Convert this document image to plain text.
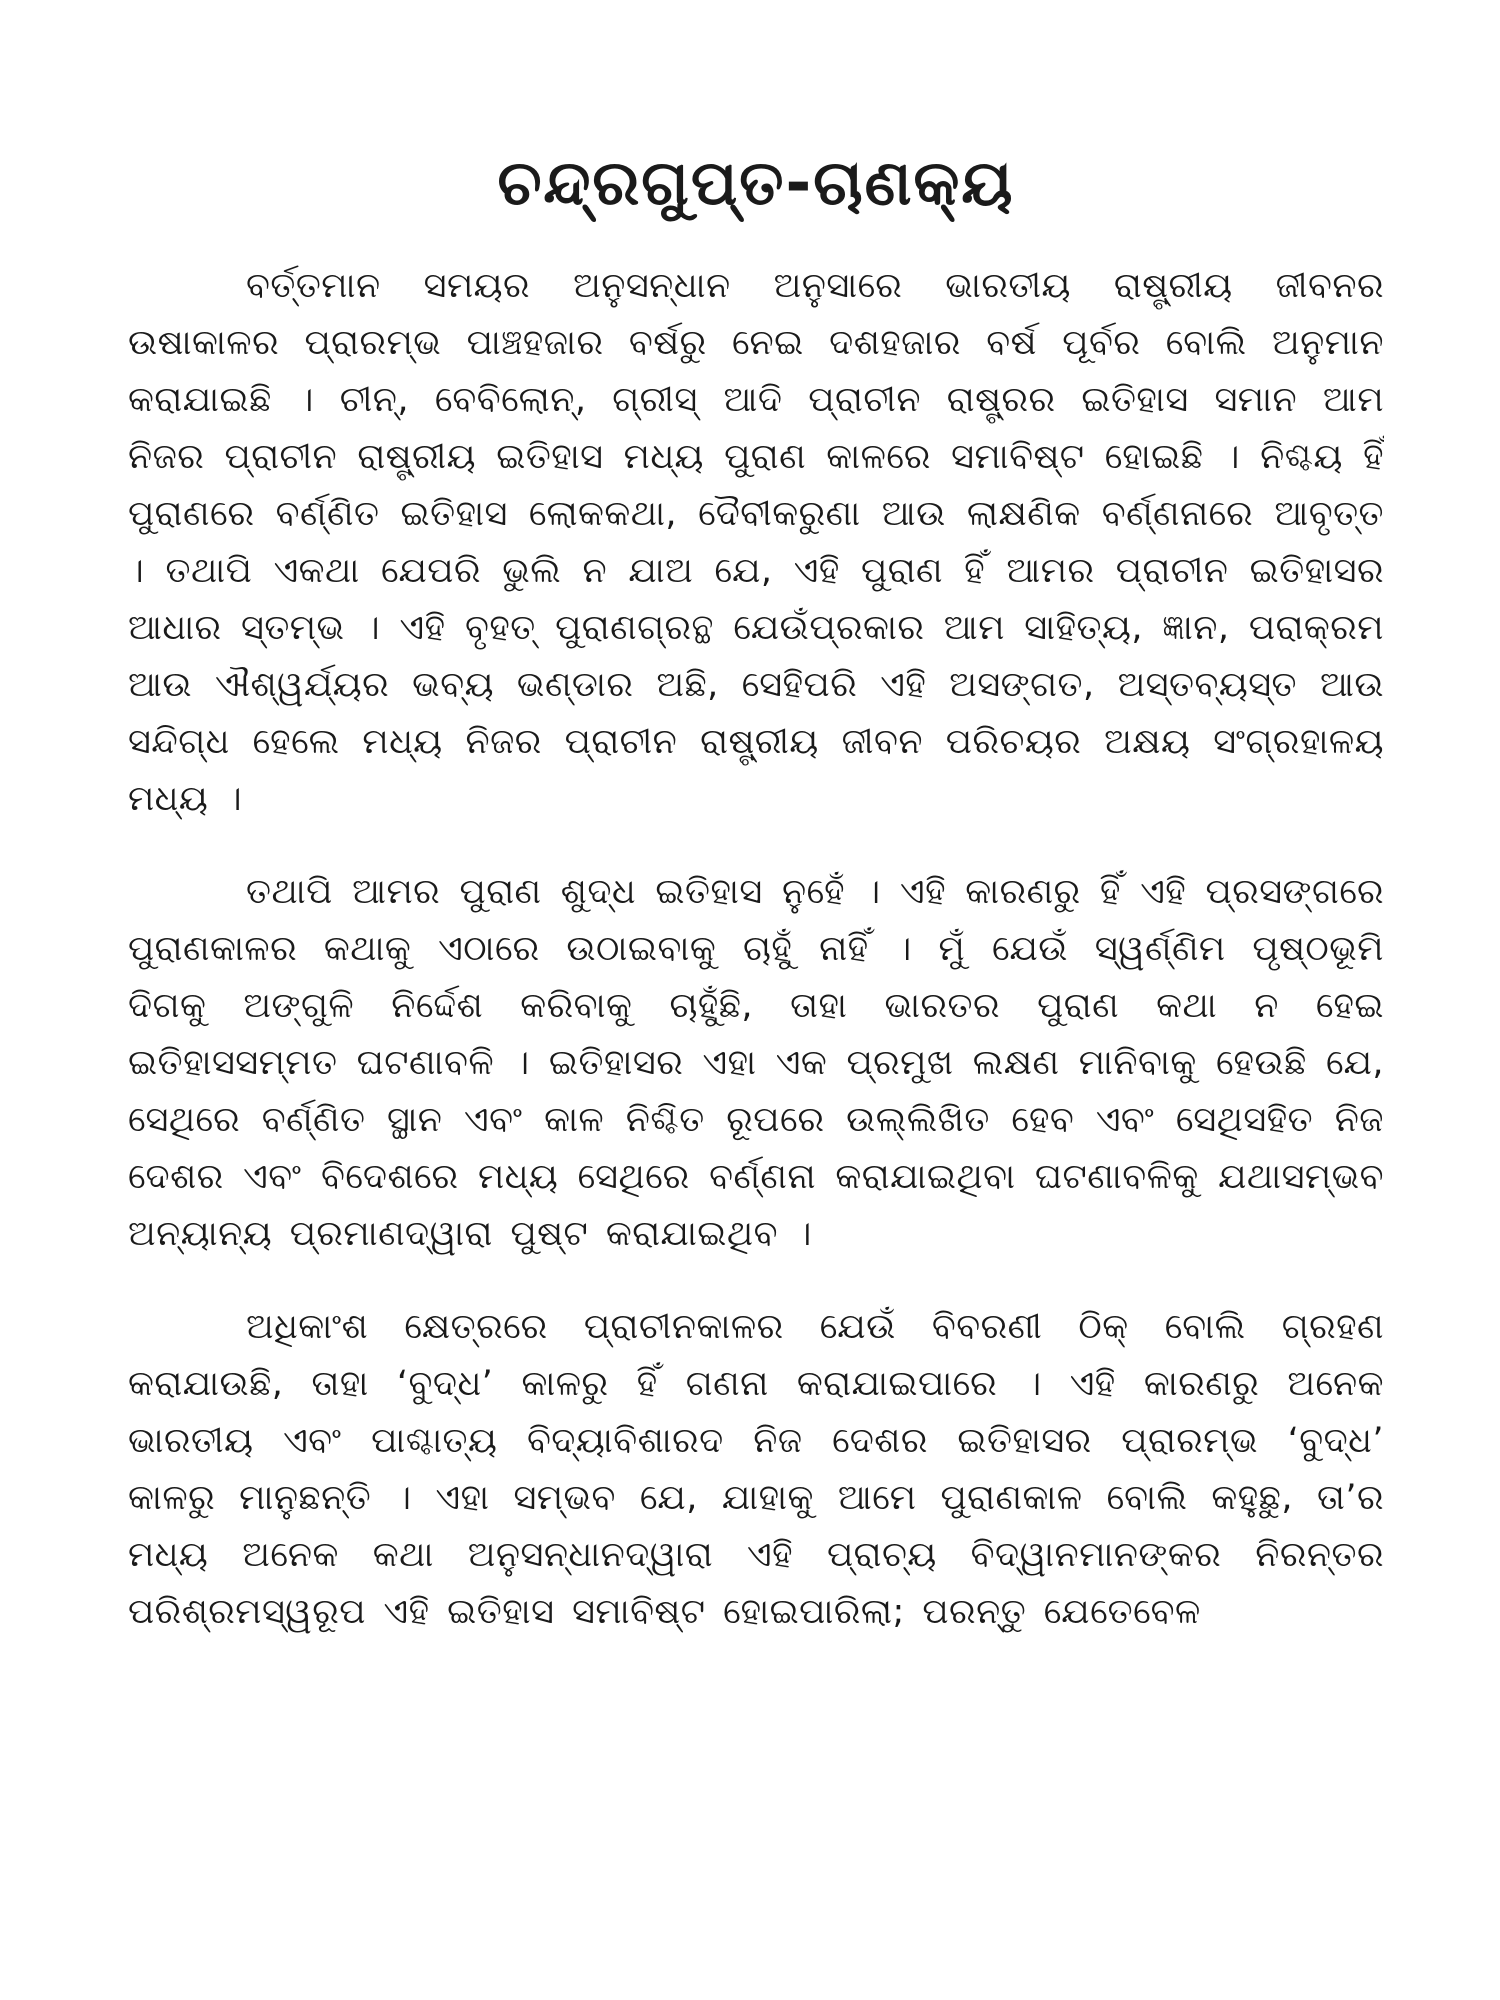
ଚନ୍ଦ୍ରଗୁପ୍ତ-ଚାଣକ୍ୟ

ବର୍ତ୍ତମାନ ସମୟର ଅନୁସନ୍ଧାନ ଅନୁସାରେ ଭାରତୀୟ ରାଷ୍ଟ୍ରୀୟ ଜୀବନର ଉଷାକାଳର ପ୍ରାରମ୍ଭ ପାଞ୍ଚହଜାର ବର୍ଷରୁ ନେଇ ଦଶହଜାର ବର୍ଷ ପୂର୍ବର ବୋଲି ଅନୁମାନ କରାଯାଇଛି । ଚୀନ୍, ବେବିଲୋନ୍, ଗ୍ରୀସ୍ ଆଦି ପ୍ରାଚୀନ ରାଷ୍ଟ୍ରର ଇତିହାସ ସମାନ ଆମ ନିଜର ପ୍ରାଚୀନ ରାଷ୍ଟ୍ରୀୟ ଇତିହାସ ମଧ୍ୟ ପୁରାଣ କାଳରେ ସମାବିଷ୍ଟ ହୋଇଛି । ନିଶ୍ଚୟ ହିଁ ପୁରାଣରେ ବର୍ଣ୍ଣିତ ଇତିହାସ ଲୋକକଥା, ଦୈବୀକରୁଣା ଆଉ ଲାକ୍ଷଣିକ ବର୍ଣ୍ଣନାରେ ଆବୃତ୍ତ । ତଥାପି ଏକଥା ଯେପରି ଭୁଲି ନ ଯାଅ ଯେ, ଏହି ପୁରାଣ ହିଁ ଆମର ପ୍ରାଚୀନ ଇତିହାସର ଆଧାର ସ୍ତମ୍ଭ । ଏହି ବୃହତ୍ ପୁରାଣଗ୍ରନ୍ଥ ଯେଉଁପ୍ରକାର ଆମ ସାହିତ୍ୟ, ଜ୍ଞାନ, ପରାକ୍ରମ ଆଉ ଐଶ୍ୱର୍ଯ୍ୟର ଭବ୍ୟ ଭଣ୍ଡାର ଅଛି, ସେହିପରି ଏହି ଅସଙ୍ଗତ, ଅସ୍ତବ୍ୟସ୍ତ ଆଉ ସନ୍ଦିଗ୍ଧ ହେଲେ ମଧ୍ୟ ନିଜର ପ୍ରାଚୀନ ରାଷ୍ଟ୍ରୀୟ ଜୀବନ ପରିଚୟର ଅକ୍ଷୟ ସଂଗ୍ରହାଳୟ ମଧ୍ୟ ।

ତଥାପି ଆମର ପୁରାଣ ଶୁଦ୍ଧ ଇତିହାସ ନୁହେଁ । ଏହି କାରଣରୁ ହିଁ ଏହି ପ୍ରସଙ୍ଗରେ ପୁରାଣକାଳର କଥାକୁ ଏଠାରେ ଉଠାଇବାକୁ ଚାହୁଁ ନାହିଁ । ମୁଁ ଯେଉଁ ସ୍ୱର୍ଣ୍ଣିମ ପୃଷ୍ଠଭୂମି ଦିଗକୁ ଅଙ୍ଗୁଳି ନିର୍ଦ୍ଦେଶ କରିବାକୁ ଚାହୁଁଛି, ତାହା ଭାରତର ପୁରାଣ କଥା ନ ହେଇ ଇତିହାସସମ୍ମତ ଘଟଣାବଳି । ଇତିହାସର ଏହା ଏକ ପ୍ରମୁଖ ଲକ୍ଷଣ ମାନିବାକୁ ହେଉଛି ଯେ, ସେଥିରେ ବର୍ଣ୍ଣିତ ସ୍ଥାନ ଏବଂ କାଳ ନିଶ୍ଚିତ ରୂପରେ ଉଲ୍ଲିଖିତ ହେବ ଏବଂ ସେଥିସହିତ ନିଜ ଦେଶର ଏବଂ ବିଦେଶରେ ମଧ୍ୟ ସେଥିରେ ବର୍ଣ୍ଣନା କରାଯାଇଥିବା ଘଟଣାବଳିକୁ ଯଥାସମ୍ଭବ ଅନ୍ୟାନ୍ୟ ପ୍ରମାଣଦ୍ୱାରା ପୁଷ୍ଟ କରାଯାଇଥିବ ।

ଅଧିକାଂଶ କ୍ଷେତ୍ରରେ ପ୍ରାଚୀନକାଳର ଯେଉଁ ବିବରଣୀ ଠିକ୍ ବୋଲି ଗ୍ରହଣ କରାଯାଉଛି, ତାହା ‘ବୁଦ୍ଧ’ କାଳରୁ ହିଁ ଗଣନା କରାଯାଇପାରେ । ଏହି କାରଣରୁ ଅନେକ ଭାରତୀୟ ଏବଂ ପାଶ୍ଚାତ୍ୟ ବିଦ୍ୟାବିଶାରଦ ନିଜ ଦେଶର ଇତିହାସର ପ୍ରାରମ୍ଭ ‘ବୁଦ୍ଧ’ କାଳରୁ ମାନୁଛନ୍ତି । ଏହା ସମ୍ଭବ ଯେ, ଯାହାକୁ ଆମେ ପୁରାଣକାଳ ବୋଲି କହୁଛୁ, ତା’ର ମଧ୍ୟ ଅନେକ କଥା ଅନୁସନ୍ଧାନଦ୍ୱାରା ଏହି ପ୍ରାଚ୍ୟ ବିଦ୍ୱାନମାନଙ୍କର ନିରନ୍ତର ପରିଶ୍ରମସ୍ୱରୂପ ଏହି ଇତିହାସ ସମାବିଷ୍ଟ ହୋଇପାରିଲା; ପରନ୍ତୁ ଯେତେବେଳ
